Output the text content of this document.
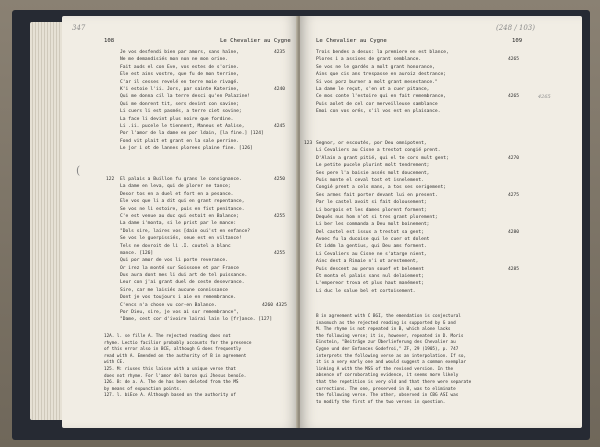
347
108	Le Chevalier au Cygne
Je vos desfendi bien par amors, sans haïne,
Ne me demandisiés mon non ne mon orine.
Fait auds el con Eve, vos estes de s'orine.
Ele est ains vostre, que fu de mon terrine,
C'ar il cesses revelé en terre moie rivagé.
K'i estoie l'ii. Jors, par sainte Katerine,
Qui me donna cil la terre desci qu'en Palazine!
Qui me donrent tit, sers devint con savine;
Li cuers li est pasmés, a terre ciet sovine;
La face li devint plus noire que fordine.
Li .ii. pucele le tiennent, Maneus et Aalise,
Por l'amor de la dame en por ldain, [la fine.] [124]
Fond vit plait et grant en la sale perrine.
Le jor i ot de lannes plorees plaine fine. [126]
4235
4240
4245
(
122 El palais a Buillon fu grans le consignance.
La dame en leva, qui de plorer ne tance;
Desor tos en a duel et fort en a pesance.
Ele vos que li a dit qui en grant repentance,
Se vos ne li estoire, puis en fist penitance.
C'e est venue au duc qui estoit en Balance;
La dame i'monta, si le prist par le mance:
"Dols sire, laires vos [dain oui'st en enfance?
Se vos le guerpissiés, seue est en viltance!
Tels ne dovroit de li .I. coutel a blanc
mance. [126]
Qui por amor de vos li porte reverance.
Or irez la monté sur Soissone et par France
Dus aura dont mes li dui art de tel puissance.
Leur con j'ai grant duel de ceste desevrance.
Sire, car me laisiés aucune connissance
Dont je vos toujours i aie en remembrance.
C'encs n'a chose vu cor-en Balance.
Por Dieu, sire, je vos ai sur remembrance",
"Dame, cest cor d'ivoire lairai lain lo [fr]ance. [127]
4250
4255
4255
4260 4325
12A. l. se fille A. The rejected reading does not
rhyme. Lectio facilior probably accounts for the presence
of this error also in BCE, although G does frequently
read with A. Emended on the authority of B in agreement
with CE.
125. M: riuses this laisse with a unique verse that
does not rhyme. For l'amor del baron qui Jhesus benoïe.
126. B: de a. A. The de has been deleted from the MS
by means of expunction points.
127. l. biEce A. Although based on the authority of
Le Chevalier au Cygne	109
(248 / 103)
4265
Trois bendes a desus: la premiere en est blance,
Plores i a assises de grant semblance.
Se vos ne le gardés a molt grant honorance,
Ains que cis ans trespasse en auroiz destrance;
Si vos porz burner a molt grant mesestance."
La dame le reçut, s'en ot a cuer pitance,
Ce mos conte l'estoire qui en fait remembrance,
Puis aolet de cel cor merveilleuse samblance
Emoi con vos orés, s'il vos est en plaisance.
4265
4265
123 Segnor, or escoutés, por Deu omnipotent,
Li Cevaliers au Cisne a trestot congié prent.
D'Alain a grant pitié, qui el te cors mult gent;
Le petite pucele plurint molt tendrement;
Ses pere l'a baisie assés molt doucement,
Puis monte el ceval tost et isnelement.
Congié prent a cels mans, a tos ses serigement;
Ses armes fait porter devant lui en present.
Par le castel avoit si fait dolousement;
Li borgois et les dames plorent forment;
Dequés nus hom n'ot si tres grant plorement;
Li ber les commanda a Deu molt boinement;
Del castel est issus a trestot sa gent;
Avoec fu la ducoise qui le cuer ot dolent
Et iddm la gentius, qui Deu ams forment.
Li Cevaliers au Cisne ne s'atarge nient,
Ainc dest a Rimaie n'i ot arestement,
Puis descent au peron souef et belement
Et monta el palais sans nul delaiement;
L'empereor trova et plus haut manément;
Li duc le salue bel et cortoisement.
4270
4275
4280
4285
B in agreement with C BGI, the emendation is conjectural
inasmuch as the rejected reading is supported by G and
M. The rhyme is not repeated in B, which alone lacks
the following verse; it is, however, repeated in D. Moris
Einstein, "Beiträge zur Überlieferung des Chevalier au
Cygne und der Enfances Godefroi," ZF, 29 (1905), p. 747
interprets the following verse as an interpolation. If so,
it is a very early one and would suggest a common exemplar
linking A with the MSS of the revised version. In the
absence of corroborating evidence, it seems more likely
that the repetition is very old and that there were separate
corrections. The one, preserved in B, was to eliminate
the following verse. The other, observed in CBG ASI was
to modify the first of the two verses in question.
